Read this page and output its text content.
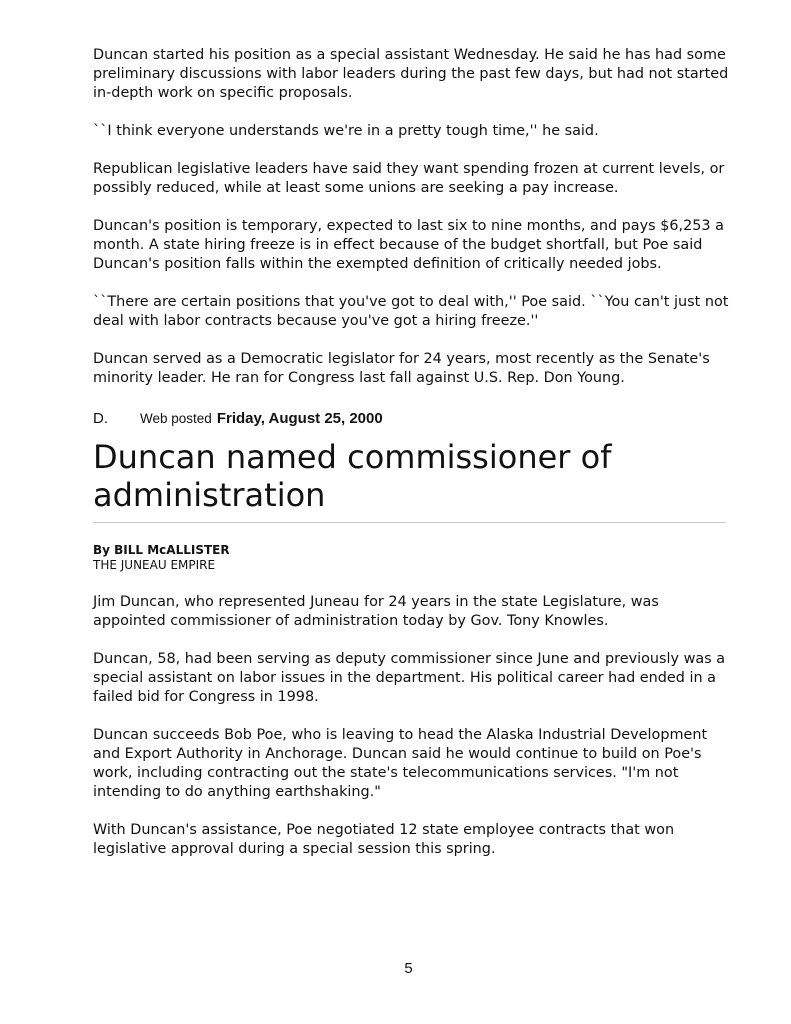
Duncan started his position as a special assistant Wednesday. He said he has had some preliminary discussions with labor leaders during the past few days, but had not started in-depth work on specific proposals.

``I think everyone understands we're in a pretty tough time,'' he said.

Republican legislative leaders have said they want spending frozen at current levels, or possibly reduced, while at least some unions are seeking a pay increase.

Duncan's position is temporary, expected to last six to nine months, and pays $6,253 a month. A state hiring freeze is in effect because of the budget shortfall, but Poe said Duncan's position falls within the exempted definition of critically needed jobs.

``There are certain positions that you've got to deal with,'' Poe said. ``You can't just not deal with labor contracts because you've got a hiring freeze.''

Duncan served as a Democratic legislator for 24 years, most recently as the Senate's minority leader. He ran for Congress last fall against U.S. Rep. Don Young.

D.	Web posted Friday, August 25, 2000
Duncan named commissioner of administration
By BILL McALLISTER
THE JUNEAU EMPIRE

Jim Duncan, who represented Juneau for 24 years in the state Legislature, was appointed commissioner of administration today by Gov. Tony Knowles.

Duncan, 58, had been serving as deputy commissioner since June and previously was a special assistant on labor issues in the department. His political career had ended in a failed bid for Congress in 1998.

Duncan succeeds Bob Poe, who is leaving to head the Alaska Industrial Development and Export Authority in Anchorage. Duncan said he would continue to build on Poe's work, including contracting out the state's telecommunications services. "I'm not intending to do anything earthshaking."

With Duncan's assistance, Poe negotiated 12 state employee contracts that won legislative approval during a special session this spring.

5
